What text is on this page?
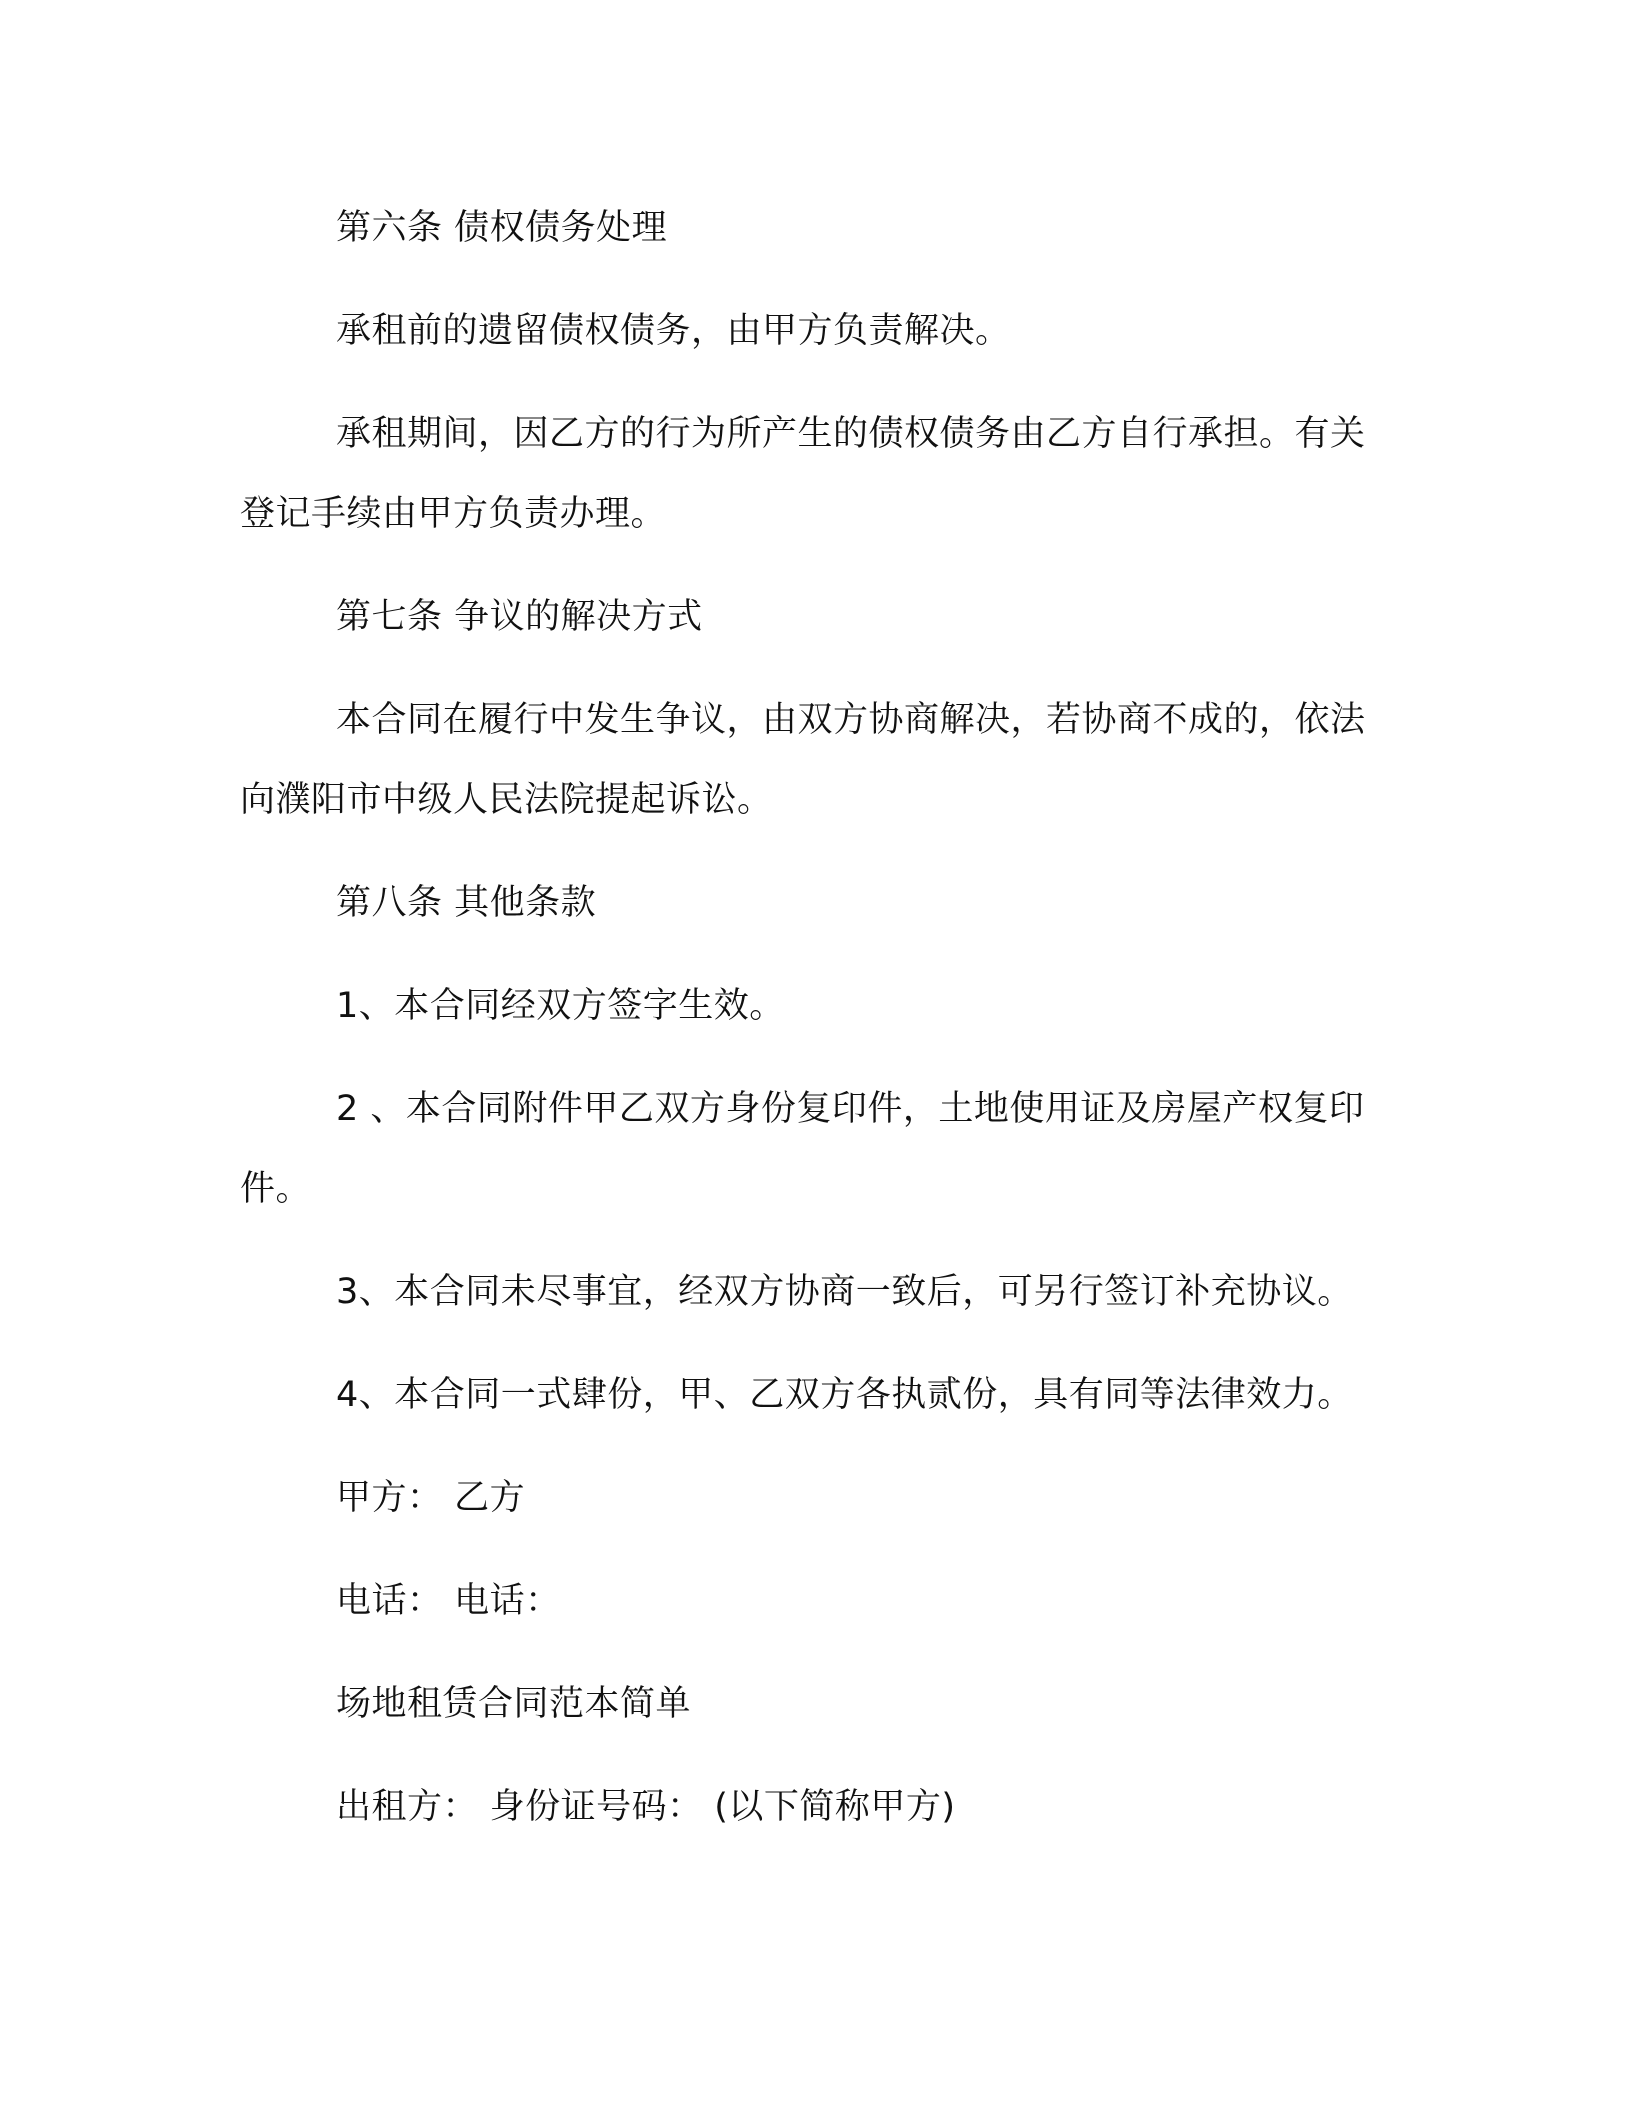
第六条 债权债务处理

承租前的遗留债权债务，由甲方负责解决。

承租期间，因乙方的行为所产生的债权债务由乙方自行承担。有关登记手续由甲方负责办理。

第七条 争议的解决方式

本合同在履行中发生争议，由双方协商解决，若协商不成的，依法向濮阳市中级人民法院提起诉讼。

第八条 其他条款

1、本合同经双方签字生效。

2 、本合同附件甲乙双方身份复印件，土地使用证及房屋产权复印件。

3、本合同未尽事宜，经双方协商一致后，可另行签订补充协议。

4、本合同一式肆份，甲、乙双方各执贰份，具有同等法律效力。

甲方： 乙方

电话： 电话：

场地租赁合同范本简单

出租方： 身份证号码： (以下简称甲方)
